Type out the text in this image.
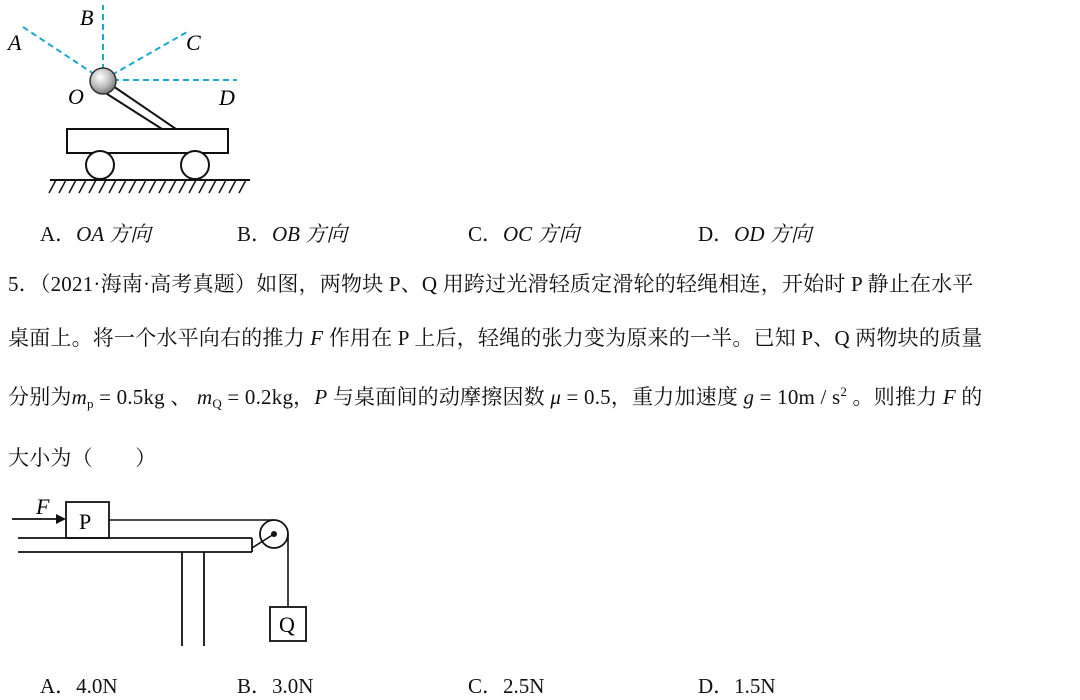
A
B
C
O	D
A．OA 方向	B．OB 方向	C．OC 方向	D．OD 方向
5．（2021·海南·高考真题）如图，两物块 P、Q 用跨过光滑轻质定滑轮的轻绳相连，开始时 P 静止在水平
桌面上。将一个水平向右的推力 F 作用在 P 上后，轻绳的张力变为原来的一半。已知 P、Q 两物块的质量
分别为$m_p = 0.5kg$ 、 $m_Q = 0.2kg$，P 与桌面间的动摩擦因数 μ = 0.5，重力加速度 $g = 10m / s^2$ 。则推力 F 的
大小为（　　）
F
P
Q
A．4.0N	B．3.0N	C．2.5N	D．1.5N
